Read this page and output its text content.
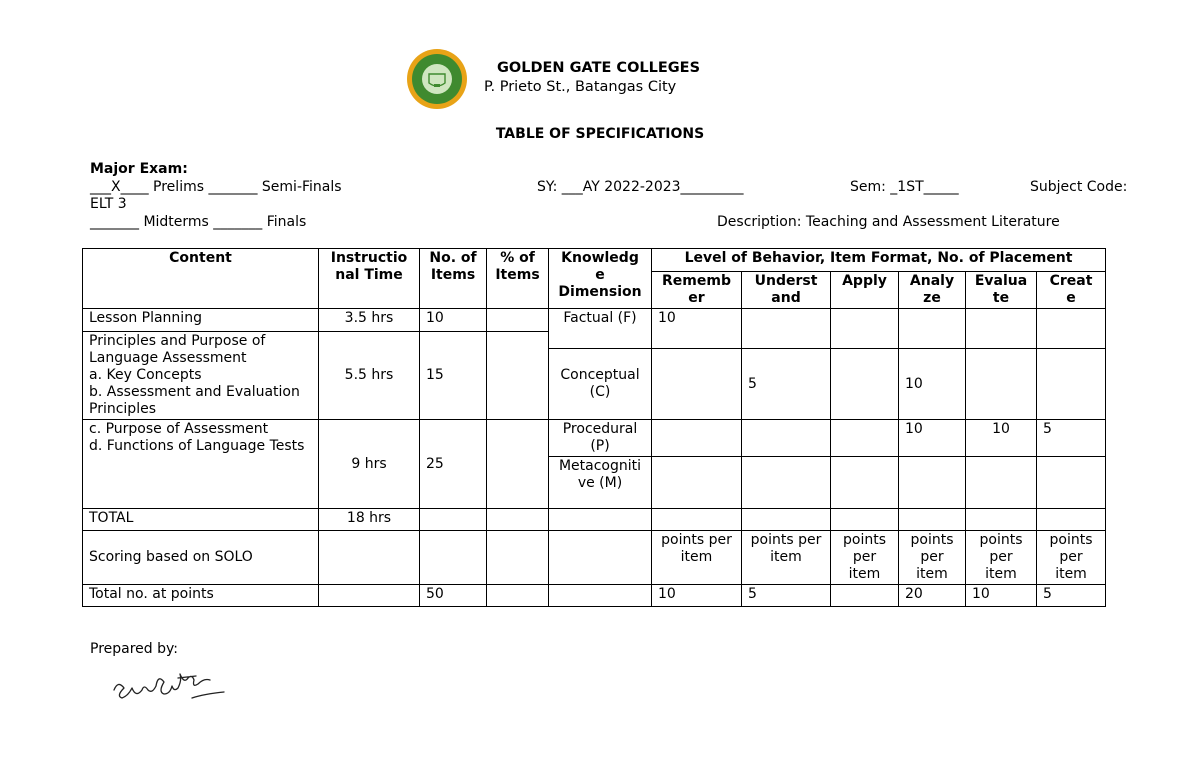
GOLDEN GATE COLLEGES
P. Prieto St., Batangas City
TABLE OF SPECIFICATIONS
Major Exam:
___X____ Prelims _______ Semi-Finals	SY: ___AY 2022-2023_________	Sem: _1ST_____	Subject Code:
ELT 3
_______ Midterms _______ Finals	Description: Teaching and Assessment Literature
Content	Instructio nal Time	No. of Items	% of Items	Knowledg e Dimension	Level of Behavior, Item Format, No. of Placement					
					Rememb er	Underst and	Apply	Analy ze	Evalua te	Creat e
Lesson Planning	3.5 hrs	10		Factual (F)	10					

Principles and Purpose of Language Assessment
a. Key Concepts
b. Assessment and Evaluation Principles	5.5 hrs	15								
				Conceptual (C)		5		10		

c. Purpose of Assessment
d. Functions of Language Tests	9 hrs	25		Procedural (P)				10	10	5
				Metacogniti ve (M)						
TOTAL	18 hrs									
Scoring based on SOLO					points per item	points per item	points per item	points per item	points per item	points per item
Total no. at points		50			10	5		20	10	5
Prepared by:
